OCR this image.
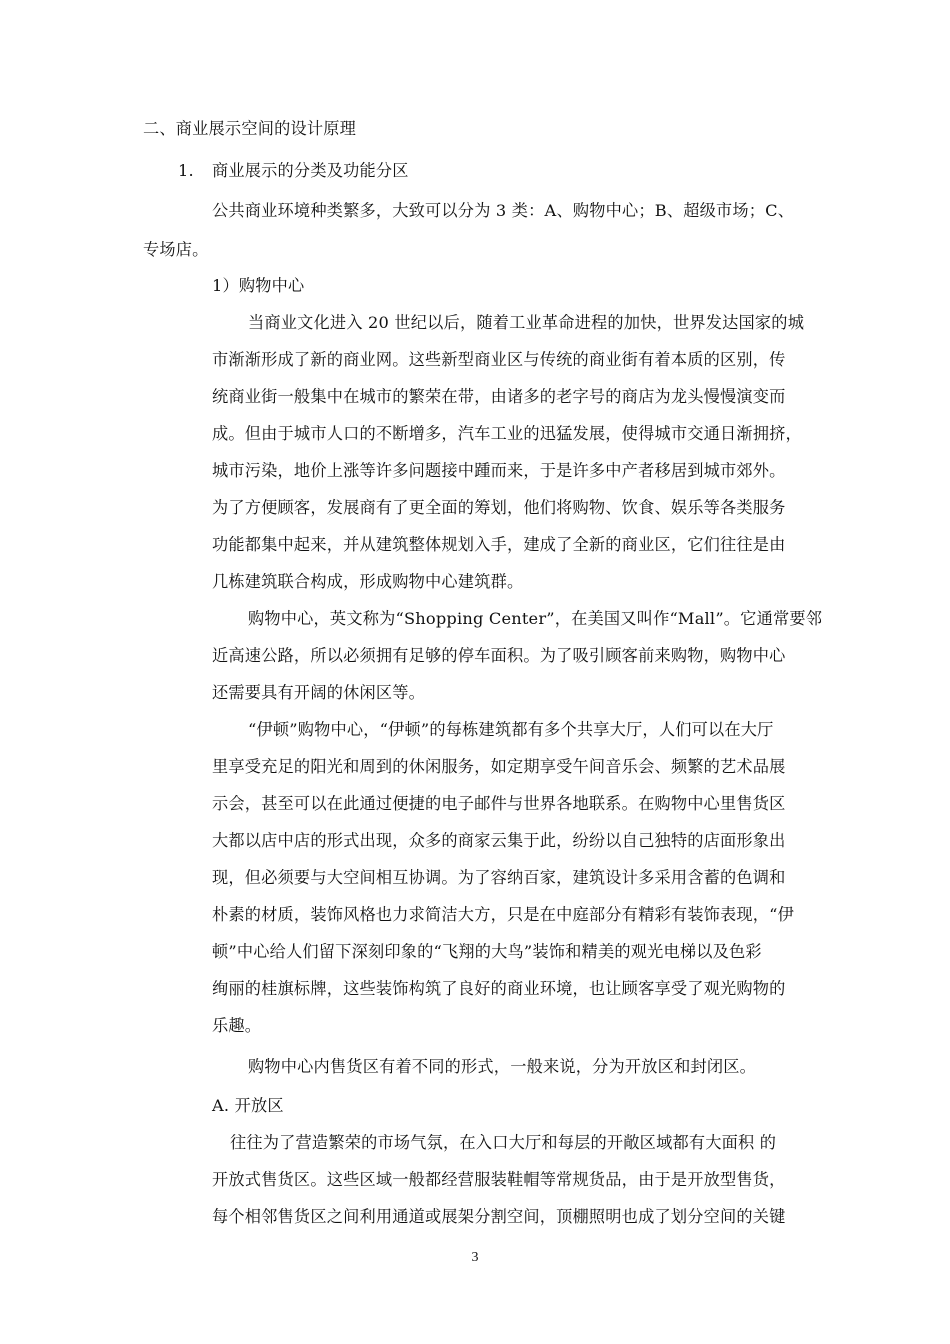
二、商业展示空间的设计原理

1. 商业展示的分类及功能分区

公共商业环境种类繁多，大致可以分为 3 类：A、购物中心；B、超级市场；C、

专场店。

1）购物中心

当商业文化进入 20 世纪以后，随着工业革命进程的加快，世界发达国家的城

市渐渐形成了新的商业网。这些新型商业区与传统的商业街有着本质的区别，传

统商业街一般集中在城市的繁荣在带，由诸多的老字号的商店为龙头慢慢演变而

成。但由于城市人口的不断增多，汽车工业的迅猛发展，使得城市交通日渐拥挤，

城市污染，地价上涨等许多问题接中踵而来，于是许多中产者移居到城市郊外。

为了方便顾客，发展商有了更全面的筹划，他们将购物、饮食、娱乐等各类服务

功能都集中起来，并从建筑整体规划入手，建成了全新的商业区，它们往往是由

几栋建筑联合构成，形成购物中心建筑群。

购物中心，英文称为“Shopping Center”，在美国又叫作“Mall”。它通常要邻

近高速公路，所以必须拥有足够的停车面积。为了吸引顾客前来购物，购物中心

还需要具有开阔的休闲区等。

“伊顿”购物中心，“伊顿”的每栋建筑都有多个共享大厅，人们可以在大厅

里享受充足的阳光和周到的休闲服务，如定期享受午间音乐会、频繁的艺术品展

示会，甚至可以在此通过便捷的电子邮件与世界各地联系。在购物中心里售货区

大都以店中店的形式出现，众多的商家云集于此，纷纷以自己独特的店面形象出

现，但必须要与大空间相互协调。为了容纳百家，建筑设计多采用含蓄的色调和

朴素的材质，装饰风格也力求简洁大方，只是在中庭部分有精彩有装饰表现，“伊

顿”中心给人们留下深刻印象的“飞翔的大鸟”装饰和精美的观光电梯以及色彩

绚丽的桂旗标牌，这些装饰构筑了良好的商业环境，也让顾客享受了观光购物的

乐趣。

购物中心内售货区有着不同的形式，一般来说，分为开放区和封闭区。

A. 开放区

往往为了营造繁荣的市场气氛，在入口大厅和每层的开敞区域都有大面积 的

开放式售货区。这些区域一般都经营服装鞋帽等常规货品，由于是开放型售货，

每个相邻售货区之间利用通道或展架分割空间，顶棚照明也成了划分空间的关键

3
